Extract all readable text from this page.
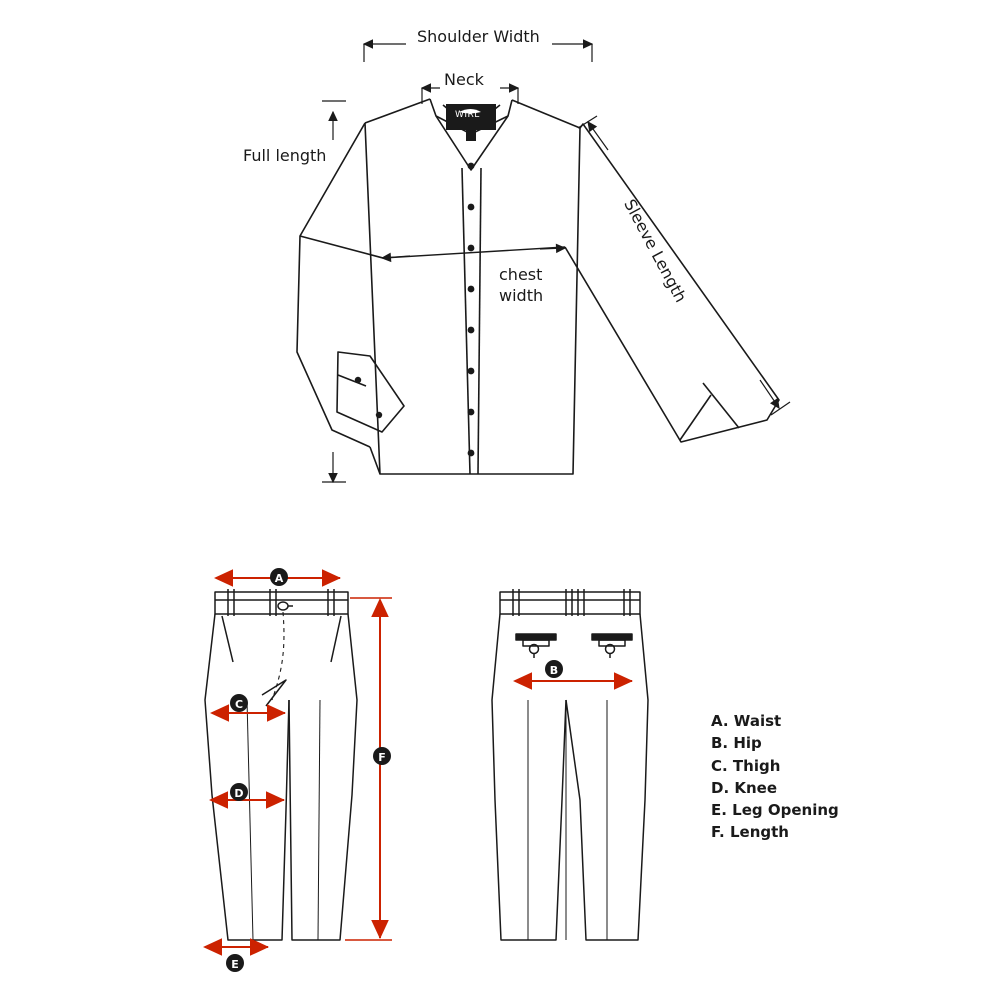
A
C
D
E
F
B
Shoulder Width
Neck
Full length
chest
width	Sleeve Length
WIRL
A. Waist
B. Hip
C. Thigh
D. Knee
E. Leg Opening
F. Length
